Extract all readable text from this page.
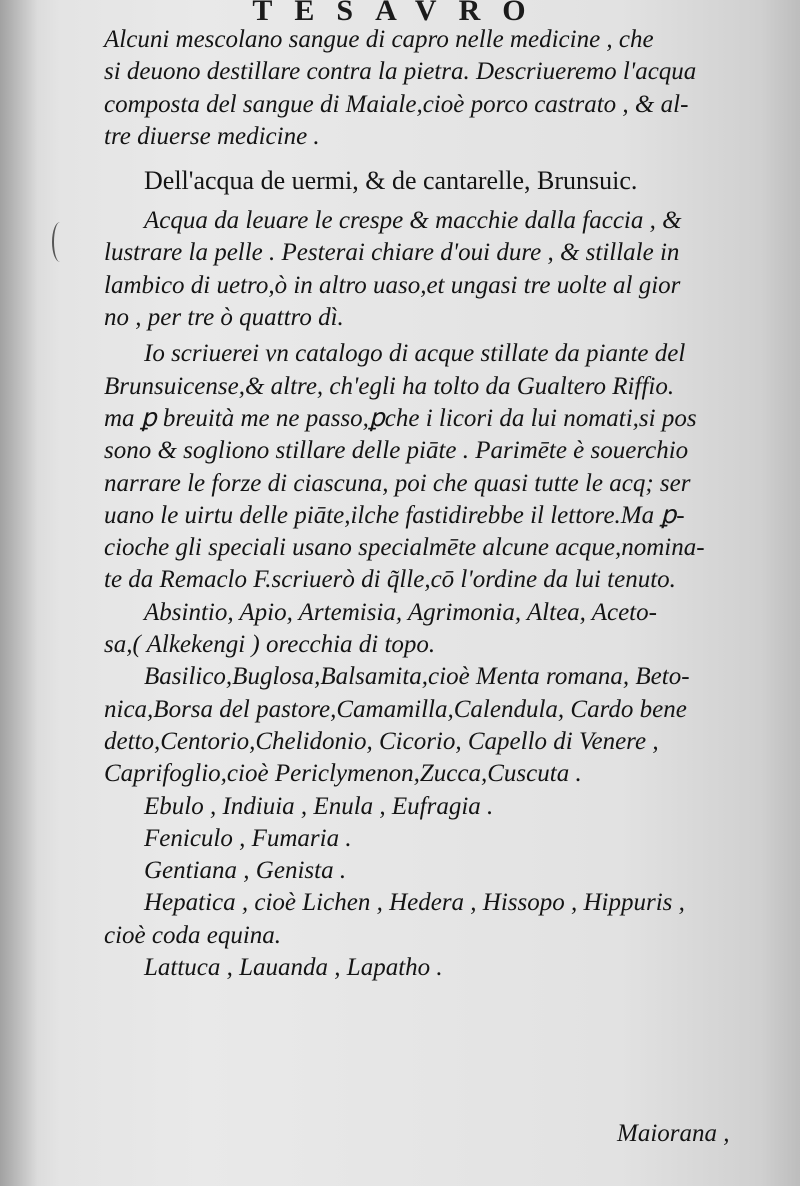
TESAVRO
Alcuni mescolano sangue di capro nelle medicine , che
si deuono destillare contra la pietra. Descriueremo l'acqua
composta del sangue di Maiale,cioè porco castrato , & al-
tre diuerse medicine .
Dell'acqua de uermi, & de cantarelle, Brunsuic.
Acqua da leuare le crespe & macchie dalla faccia , &
lustrare la pelle . Pesterai chiare d'oui dure , & stillale in
lambico di uetro,ò in altro uaso,et ungasi tre uolte al gior
no , per tre ò quattro dì.
Io scriuerei vn catalogo di acque stillate da piante del
Brunsuicense,& altre, ch'egli ha tolto da Gualtero Riffio.
ma ꝑ breuità me ne passo,ꝑche i licori da lui nomati,si pos
sono & sogliono stillare delle piāte . Parimēte è souerchio
narrare le forze di ciascuna, poi che quasi tutte le acq; ser
uano le uirtu delle piāte,ilche fastidirebbe il lettore.Ma ꝑ-
cioche gli speciali usano specialmēte alcune acque,nomina-
te da Remaclo F.scriuerò di q̃lle,cō l'ordine da lui tenuto.
Absintio, Apio, Artemisia, Agrimonia, Altea, Aceto-
sa,( Alkekengi ) orecchia di topo.
Basilico,Buglosa,Balsamita,cioè Menta romana, Beto-
nica,Borsa del pastore,Camamilla,Calendula, Cardo bene
detto,Centorio,Chelidonio, Cicorio, Capello di Venere ,
Caprifoglio,cioè Periclymenon,Zucca,Cuscuta .
Ebulo , Indiuia , Enula , Eufragia .
Feniculo , Fumaria .
Gentiana , Genista .
Hepatica , cioè Lichen , Hedera , Hissopo , Hippuris ,
cioè coda equina.
Lattuca , Lauanda , Lapatho .
Maiorana ,
